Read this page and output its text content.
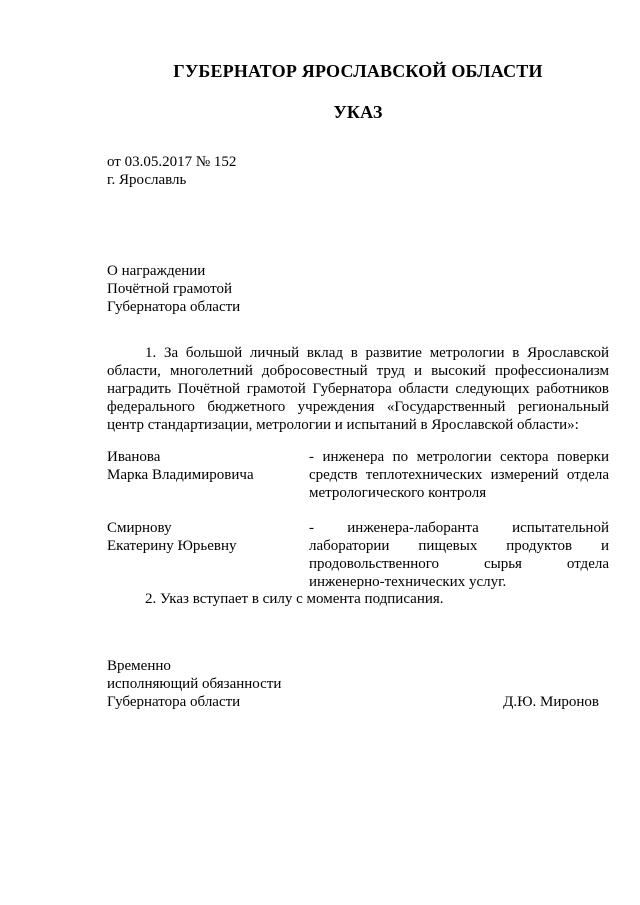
ГУБЕРНАТОР ЯРОСЛАВСКОЙ ОБЛАСТИ
УКАЗ
от 03.05.2017 № 152
г. Ярославль
О награждении
Почётной грамотой
Губернатора области
1. За большой личный вклад в развитие метрологии в Ярославской области, многолетний добросовестный труд и высокий профессионализм наградить Почётной грамотой Губернатора области следующих работников федерального бюджетного учреждения «Государственный региональный центр стандартизации, метрологии и испытаний в Ярославской области»:
Иванова
Марка Владимировича
- инженера по метрологии сектора поверки
средств теплотехнических измерений отдела
метрологического контроля
Смирнову
Екатерину Юрьевну
- инженера-лаборанта испытательной
лаборатории пищевых продуктов и
продовольственного сырья отдела
инженерно-технических услуг.
2. Указ вступает в силу с момента подписания.
Временно
исполняющий обязанности
Губернатора области	Д.Ю. Миронов
